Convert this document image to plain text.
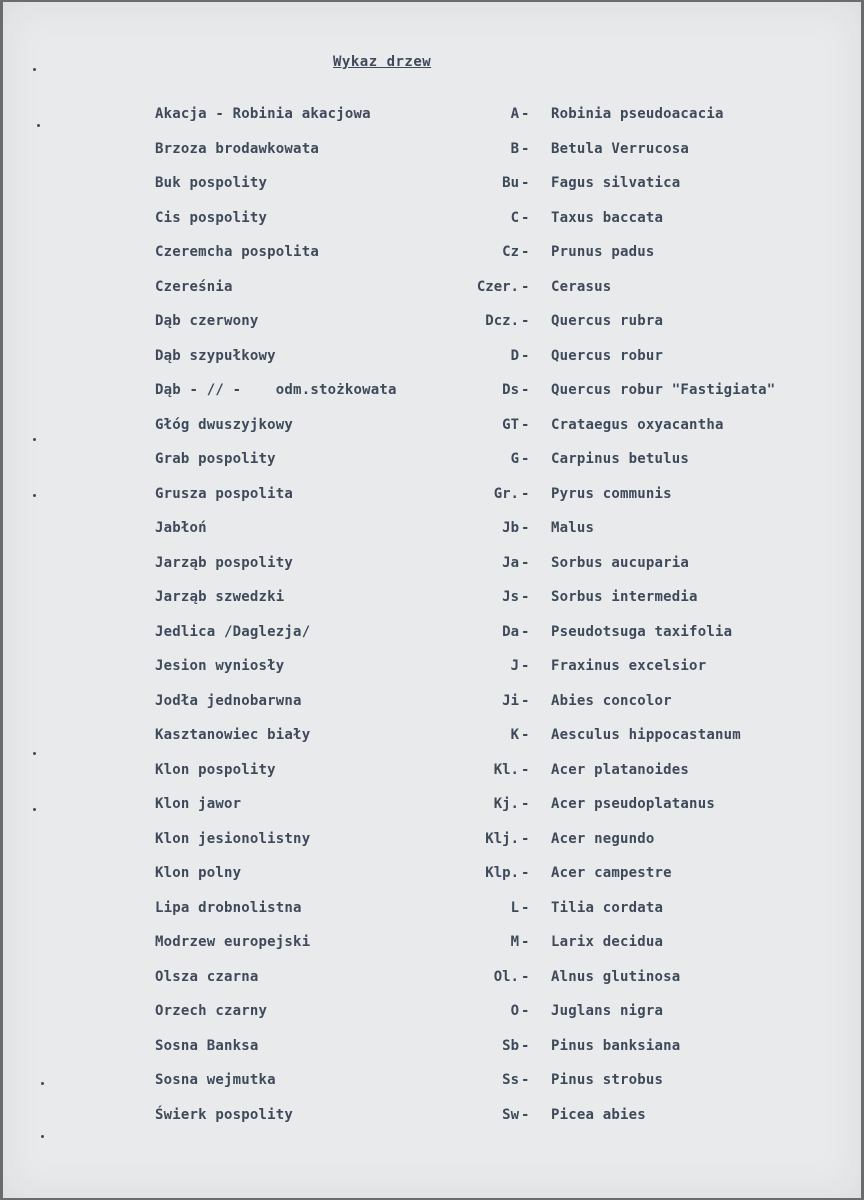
Wykaz drzew
Akacja - Robinia akacjowa	A - Robinia pseudoacacia
Brzoza brodawkowata	B - Betula Verrucosa
Buk pospolity	Bu - Fagus silvatica
Cis pospolity	C - Taxus baccata
Czeremcha pospolita	Cz - Prunus padus
Czereśnia	Czer. - Cerasus
Dąb czerwony	Dcz. - Quercus rubra
Dąb szypułkowy	D - Quercus robur
Dąb - // -    odm.stożkowata	Ds - Quercus robur "Fastigiata"
Głóg dwuszyjkowy	GT - Crataegus oxyacantha
Grab pospolity	G - Carpinus betulus
Grusza pospolita	Gr. - Pyrus communis
Jabłoń	Jb - Malus
Jarząb pospolity	Ja - Sorbus aucuparia
Jarząb szwedzki	Js - Sorbus intermedia
Jedlica /Daglezja/	Da - Pseudotsuga taxifolia
Jesion wyniosły	J - Fraxinus excelsior
Jodła jednobarwna	Ji - Abies concolor
Kasztanowiec biały	K - Aesculus hippocastanum
Klon pospolity	Kl. - Acer platanoides
Klon jawor	Kj. - Acer pseudoplatanus
Klon jesionolistny	Klj. - Acer negundo
Klon polny	Klp. - Acer campestre
Lipa drobnolistna	L - Tilia cordata
Modrzew europejski	M - Larix decidua
Olsza czarna	Ol. - Alnus glutinosa
Orzech czarny	O - Juglans nigra
Sosna Banksa	Sb - Pinus banksiana
Sosna wejmutka	Ss - Pinus strobus
Świerk pospolity	Sw - Picea abies
